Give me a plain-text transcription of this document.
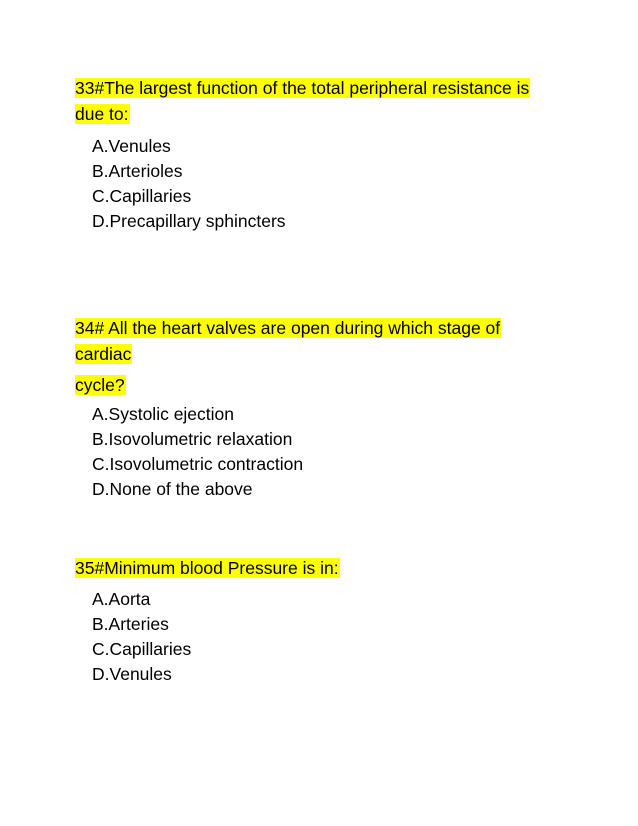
33#The largest function of the total peripheral resistance is
due to:
A.Venules
B.Arterioles
C.Capillaries
D.Precapillary sphincters
34# All the heart valves are open during which stage of
cardiac
cycle?
A.Systolic ejection
B.Isovolumetric relaxation
C.Isovolumetric contraction
D.None of the above
35#Minimum blood Pressure is in:
A.Aorta
B.Arteries
C.Capillaries
D.Venules
